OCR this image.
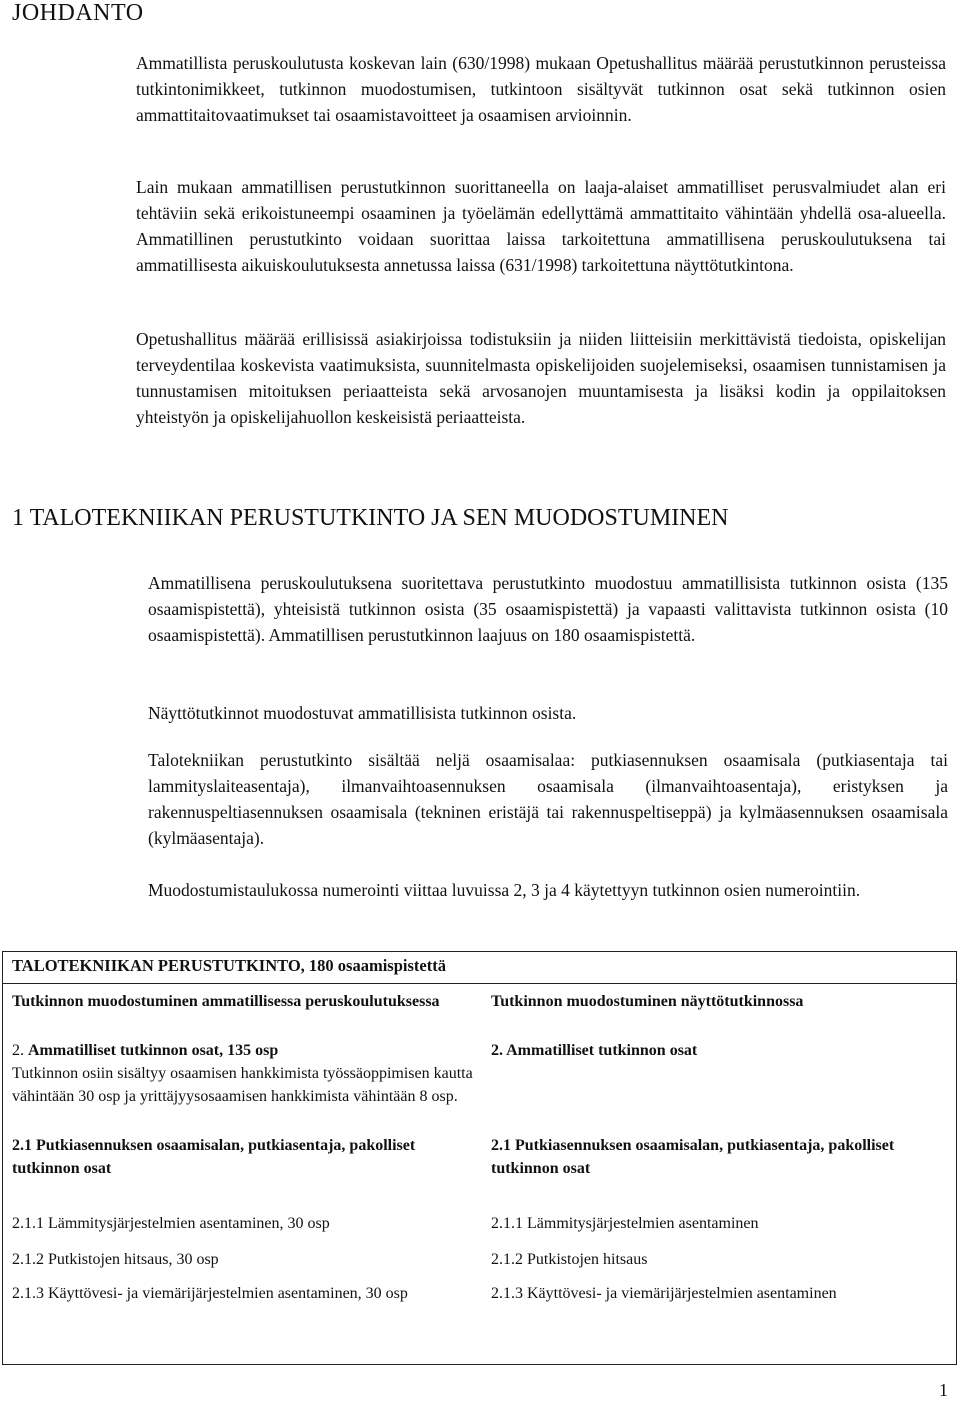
JOHDANTO
Ammatillista peruskoulutusta koskevan lain (630/1998) mukaan Opetushallitus määrää perustutkinnon perusteissa tutkintonimikkeet, tutkinnon muodostumisen, tutkintoon sisältyvät tutkinnon osat sekä tutkinnon osien ammattitaitovaatimukset tai osaamistavoitteet ja osaamisen arvioinnin.
Lain mukaan ammatillisen perustutkinnon suorittaneella on laaja-alaiset ammatilliset perusvalmiudet alan eri tehtäviin sekä erikoistuneempi osaaminen ja työelämän edellyttämä ammattitaito vähintään yhdellä osa-alueella. Ammatillinen perustutkinto voidaan suorittaa laissa tarkoitettuna ammatillisena peruskoulutuksena tai ammatillisesta aikuiskoulutuksesta annetussa laissa (631/1998) tarkoitettuna näyttötutkintona.
Opetushallitus määrää erillisissä asiakirjoissa todistuksiin ja niiden liitteisiin merkittävistä tiedoista, opiskelijan terveydentilaa koskevista vaatimuksista, suunnitelmasta opiskelijoiden suojelemiseksi, osaamisen tunnistamisen ja tunnustamisen mitoituksen periaatteista sekä arvosanojen muuntamisesta ja lisäksi kodin ja oppilaitoksen yhteistyön ja opiskelijahuollon keskeisistä periaatteista.
1 TALOTEKNIIKAN PERUSTUTKINTO JA SEN MUODOSTUMINEN
Ammatillisena peruskoulutuksena suoritettava perustutkinto muodostuu ammatillisista tutkinnon osista (135 osaamispistettä), yhteisistä tutkinnon osista (35 osaamispistettä) ja vapaasti valittavista tutkinnon osista (10 osaamispistettä). Ammatillisen perustutkinnon laajuus on 180 osaamispistettä.
Näyttötutkinnot muodostuvat ammatillisista tutkinnon osista.
Talotekniikan perustutkinto sisältää neljä osaamisalaa: putkiasennuksen osaamisala (putkiasentaja tai lammityslaiteasentaja), ilmanvaihtoasennuksen osaamisala (ilmanvaihtoasentaja), eristyksen ja rakennuspeltiasennuksen osaamisala (tekninen eristäjä tai rakennuspeltiseppä) ja kylmäasennuksen osaamisala (kylmäasentaja).
Muodostumistaulukossa numerointi viittaa luvuissa 2, 3 ja 4 käytettyyn tutkinnon osien numerointiin.
TALOTEKNIIKAN PERUSTUTKINTO, 180 osaamispistettä
Tutkinnon muodostuminen ammatillisessa peruskoulutuksessa
2. Ammatilliset tutkinnon osat, 135 osp
Tutkinnon osiin sisältyy osaamisen hankkimista työssäoppimisen kautta vähintään 30 osp ja yrittäjyysosaamisen hankkimista vähintään 8 osp.
2.1 Putkiasennuksen osaamisalan, putkiasentaja, pakolliset tutkinnon osat
2.1.1 Lämmitysjärjestelmien asentaminen, 30 osp
2.1.2 Putkistojen hitsaus, 30 osp
2.1.3 Käyttövesi- ja viemärijärjestelmien asentaminen, 30 osp
Tutkinnon muodostuminen näyttötutkinnossa
2. Ammatilliset tutkinnon osat
2.1 Putkiasennuksen osaamisalan, putkiasentaja, pakolliset tutkinnon osat
2.1.1 Lämmitysjärjestelmien asentaminen
2.1.2 Putkistojen hitsaus
2.1.3 Käyttövesi- ja viemärijärjestelmien asentaminen
1
